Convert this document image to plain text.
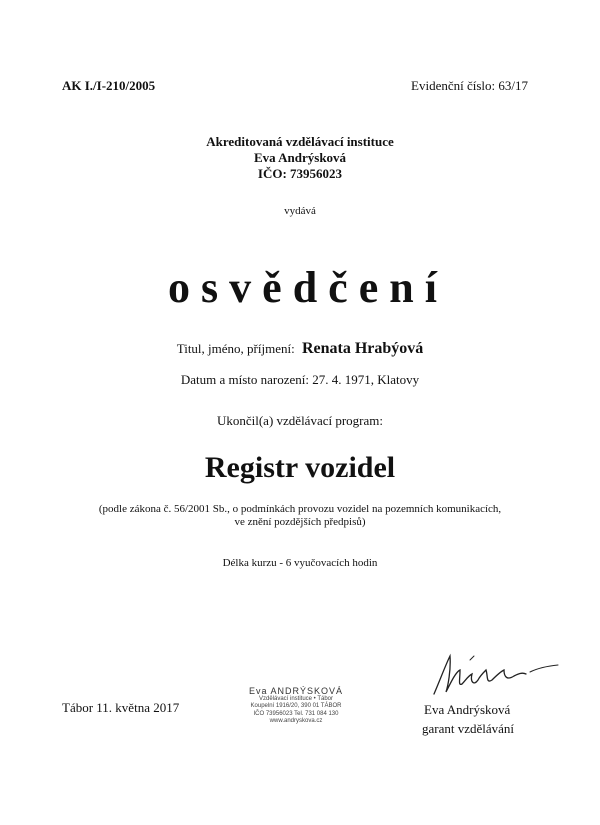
AK I./I-210/2005	Evidenční číslo: 63/17
Akreditovaná vzdělávací instituce
Eva Andrýsková
IČO: 73956023
vydává
osvědčení
Titul, jméno, příjmení: Renata Hrabýová
Datum a místo narození: 27. 4. 1971, Klatovy
Ukončil(a) vzdělávací program:
Registr vozidel
(podle zákona č. 56/2001 Sb., o podmínkách provozu vozidel na pozemních komunikacích,
ve znění pozdějších předpisů)
Délka kurzu - 6 vyučovacích hodin
Tábor 11. května 2017
Eva ANDRÝSKOVÁ
Vzdělávací instituce • Tábor
Koupelní 1916/20, 390 01 TÁBOR
IČO 73956023 Tel. 731 084 130
www.andryskova.cz
Eva Andrýsková
garant vzdělávání
